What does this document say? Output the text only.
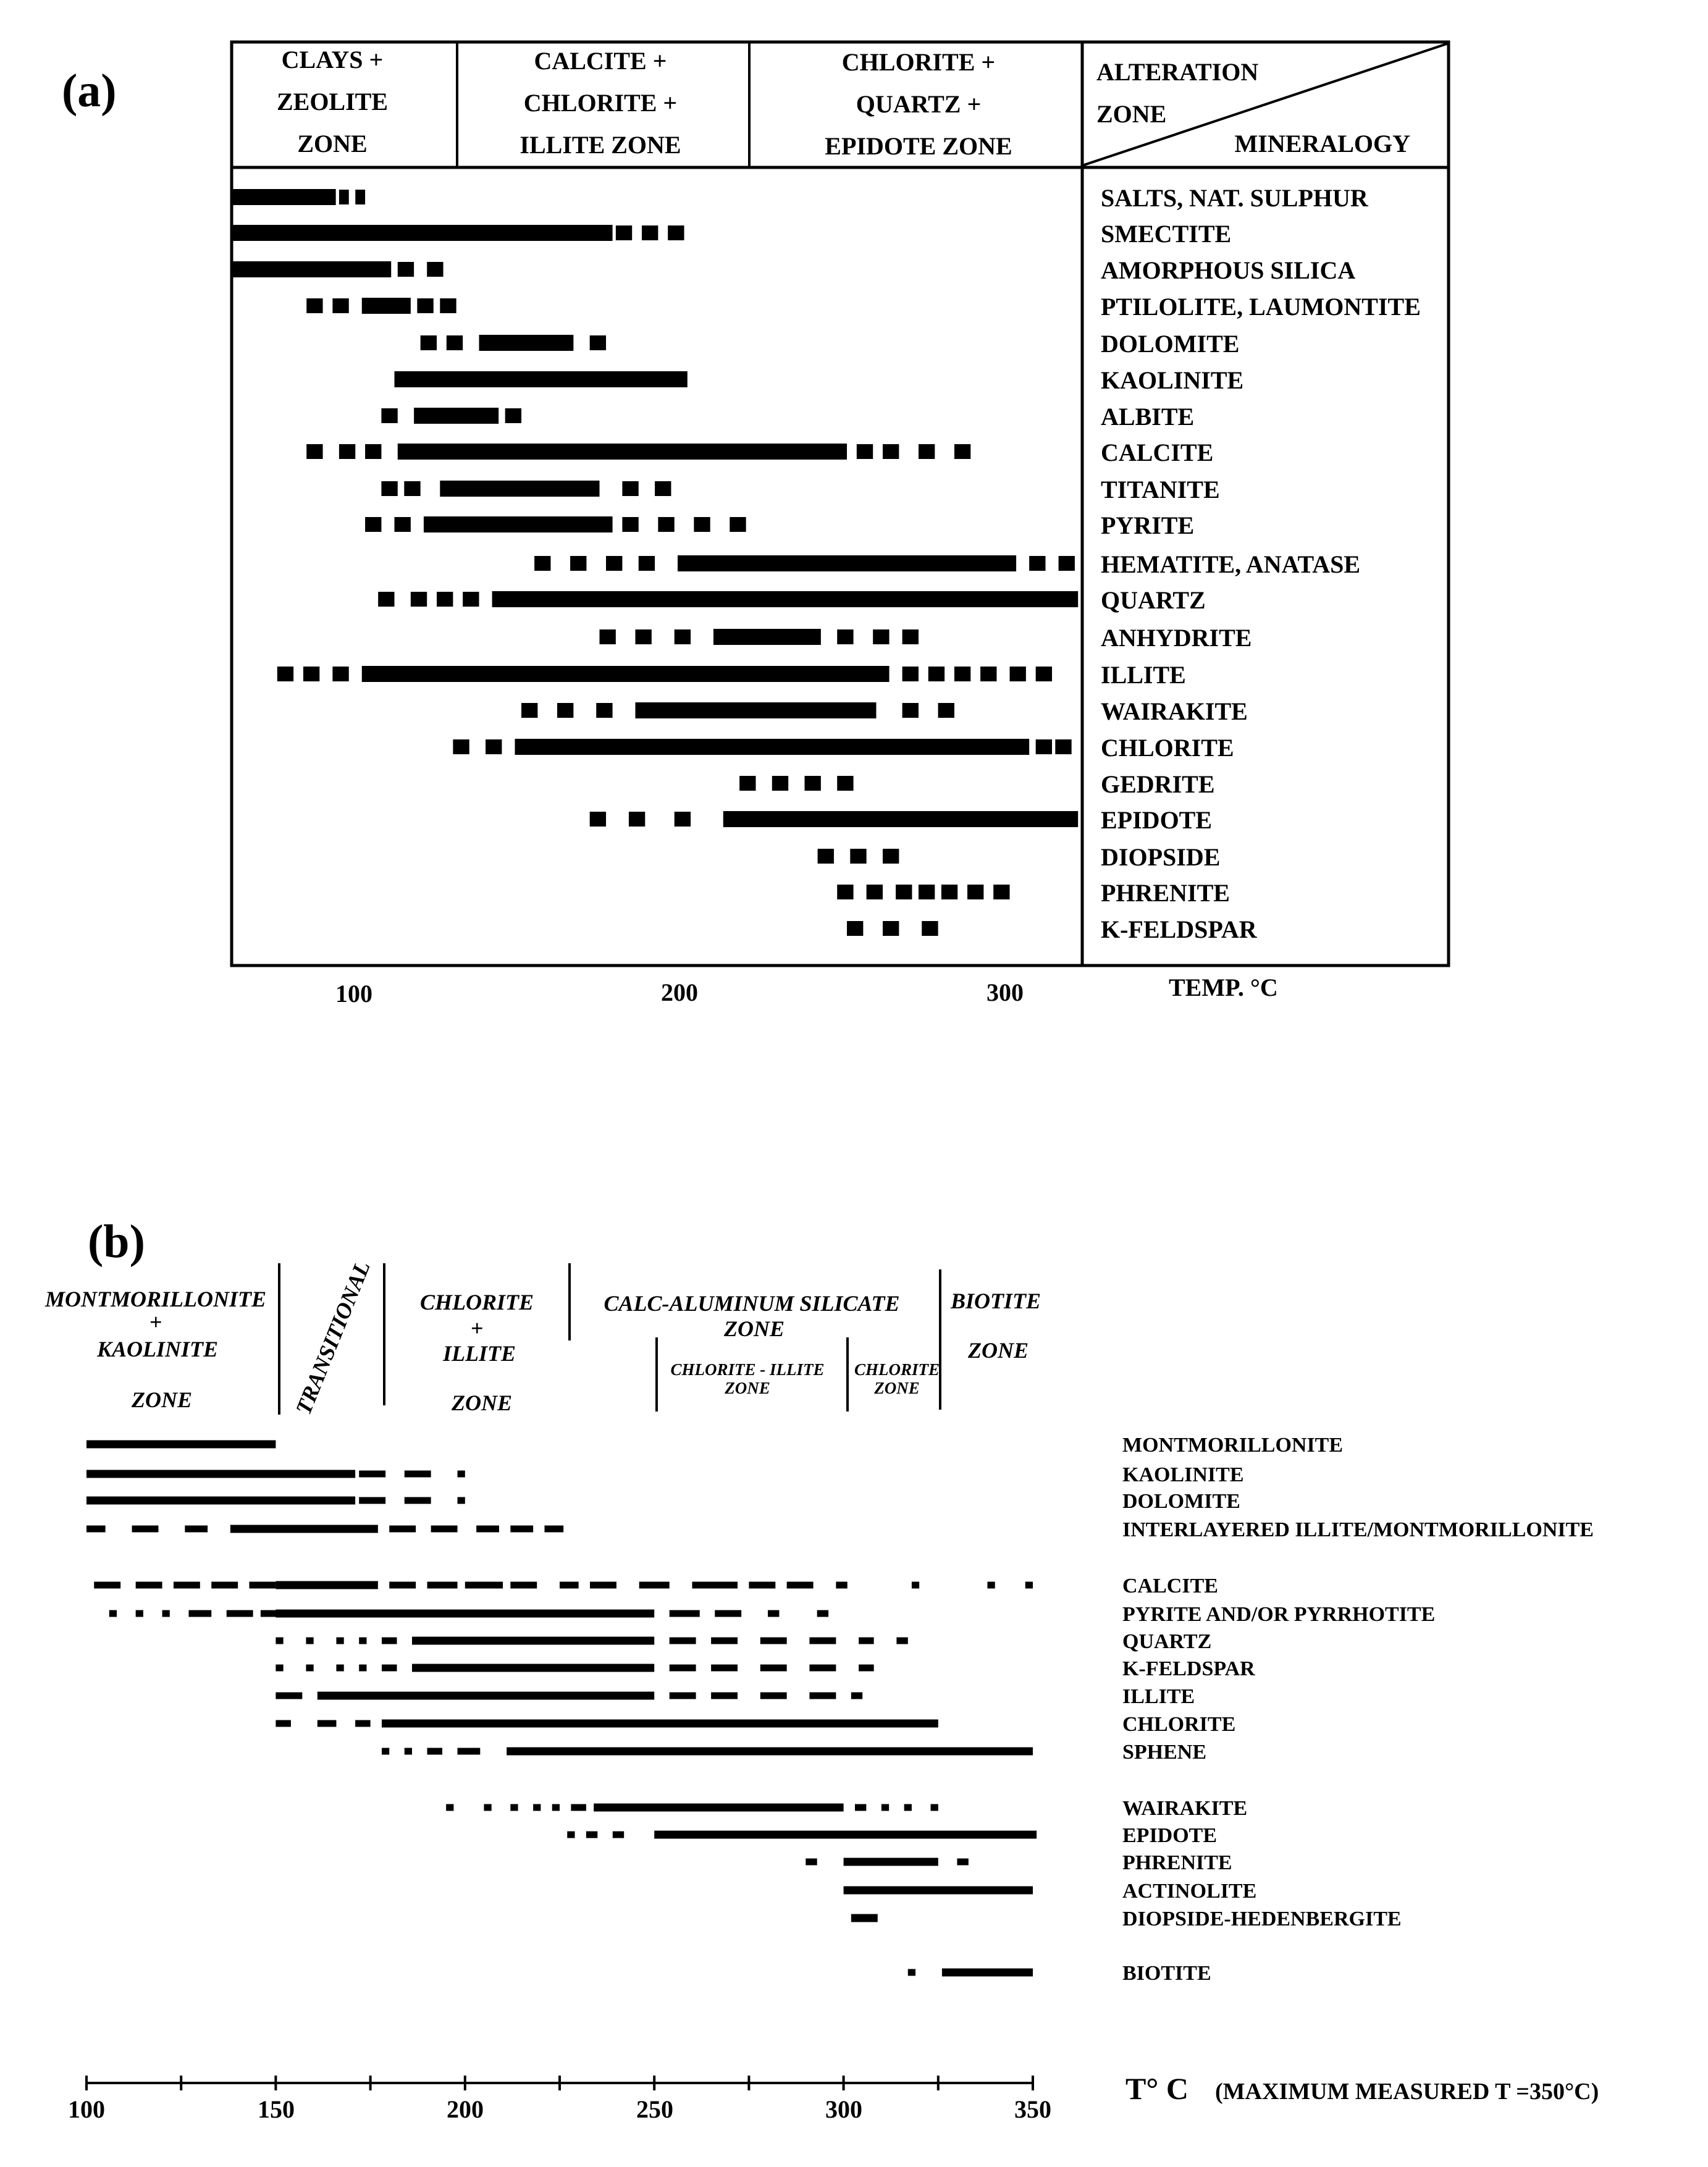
(a)
CLAYS +
ZEOLITE
ZONE
CALCITE +
CHLORITE +
ILLITE ZONE
CHLORITE +
QUARTZ +
EPIDOTE ZONE
ALTERATION
ZONE
MINERALOGY
SALTS, NAT. SULPHUR
SMECTITE
AMORPHOUS SILICA
PTILOLITE, LAUMONTITE
DOLOMITE
KAOLINITE
ALBITE
CALCITE
TITANITE
PYRITE
HEMATITE, ANATASE
QUARTZ
ANHYDRITE
ILLITE
WAIRAKITE
CHLORITE
GEDRITE
EPIDOTE
DIOPSIDE
PHRENITE
K-FELDSPAR
100	200	300	TEMP. °C
(b)
MONTMORILLONITE
+
KAOLINITE
ZONE	TRANSITIONAL CHLORITE
+
ILLITE
ZONE
CALC-ALUMINUM SILICATE
ZONE
CHLORITE - ILLITE
ZONE
CHLORITE
ZONE
BIOTITE
ZONE
MONTMORILLONITE
KAOLINITE
DOLOMITE
INTERLAYERED ILLITE/MONTMORILLONITE
CALCITE
PYRITE AND/OR PYRRHOTITE
QUARTZ
K-FELDSPAR
ILLITE
CHLORITE
SPHENE
WAIRAKITE
EPIDOTE
PHRENITE
ACTINOLITE
DIOPSIDE-HEDENBERGITE
BIOTITE
100	150	200	250	300	350
T° C (MAXIMUM MEASURED T =350°C)
